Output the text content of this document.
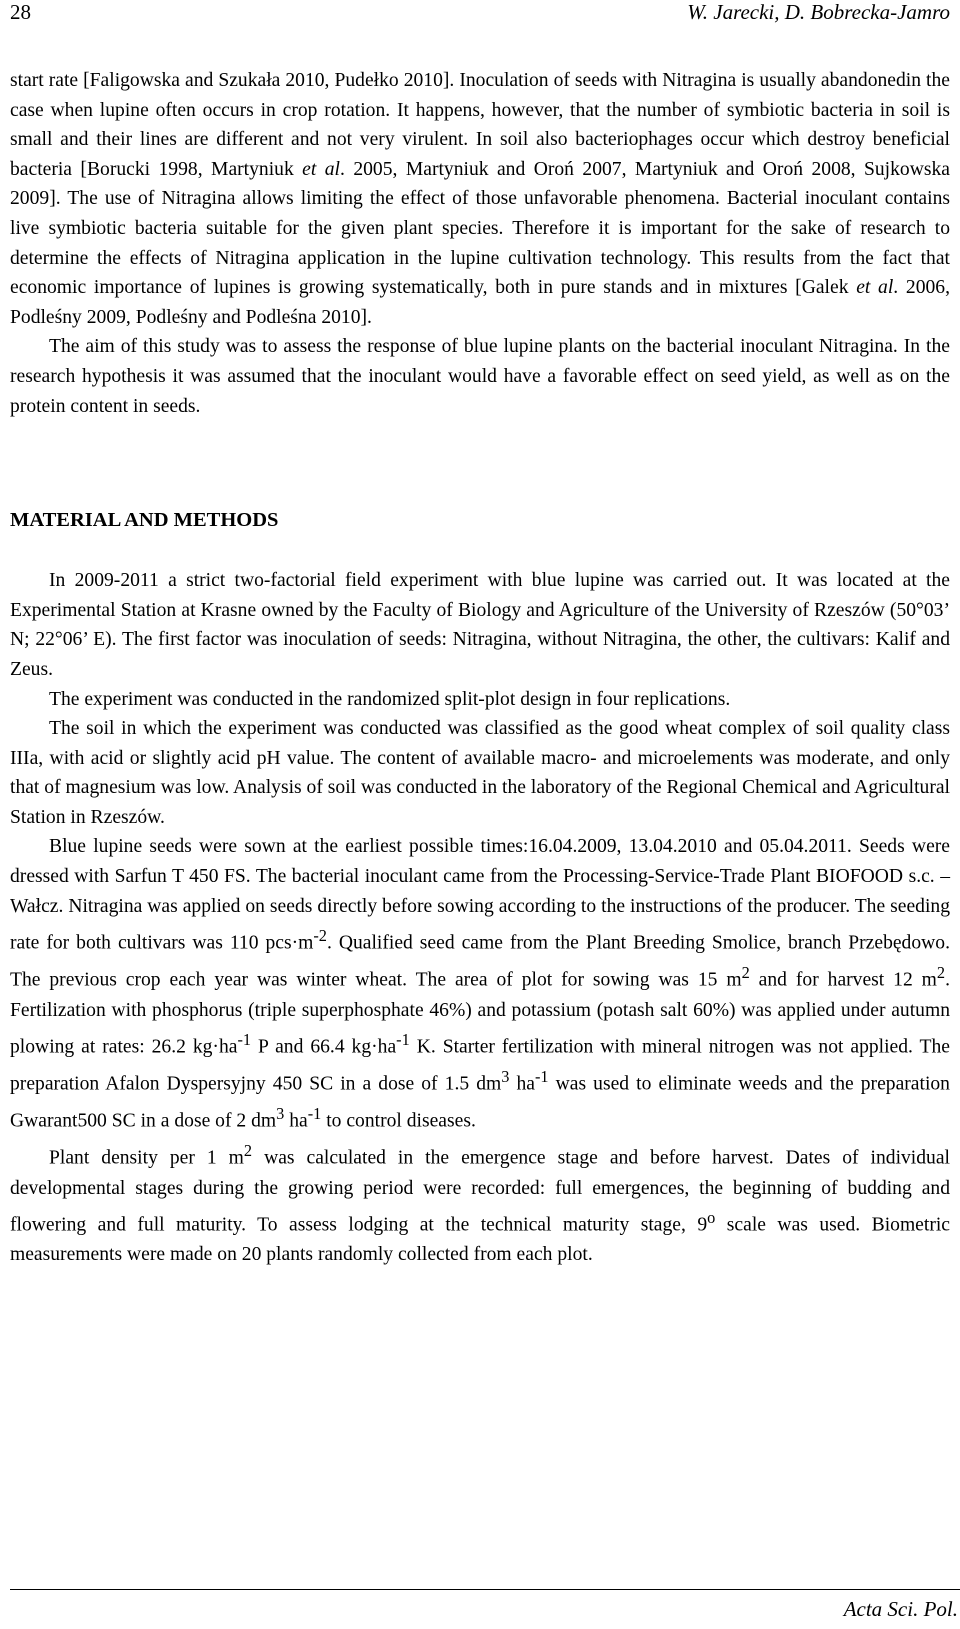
28	W. Jarecki, D. Bobrecka-Jamro

start rate [Faligowska and Szukała 2010, Pudełko 2010]. Inoculation of seeds with Nitragina is usually abandonedin the case when lupine often occurs in crop rotation. It happens, however, that the number of symbiotic bacteria in soil is small and their lines are different and not very virulent. In soil also bacteriophages occur which destroy beneficial bacteria [Borucki 1998, Martyniuk et al. 2005, Martyniuk and Oroń 2007, Martyniuk and Oroń 2008, Sujkowska 2009]. The use of Nitragina allows limiting the effect of those unfavorable phenomena. Bacterial inoculant contains live symbiotic bacteria suitable for the given plant species. Therefore it is important for the sake of research to determine the effects of Nitragina application in the lupine cultivation technology. This results from the fact that economic importance of lupines is growing systematically, both in pure stands and in mixtures [Galek et al. 2006, Podleśny 2009, Podleśny and Podleśna 2010].

The aim of this study was to assess the response of blue lupine plants on the bacterial inoculant Nitragina. In the research hypothesis it was assumed that the inoculant would have a favorable effect on seed yield, as well as on the protein content in seeds.

MATERIAL AND METHODS

In 2009-2011 a strict two-factorial field experiment with blue lupine was carried out. It was located at the Experimental Station at Krasne owned by the Faculty of Biology and Agriculture of the University of Rzeszów (50°03’ N; 22°06’ E). The first factor was inoculation of seeds: Nitragina, without Nitragina, the other, the cultivars: Kalif and Zeus.

The experiment was conducted in the randomized split-plot design in four replications.

The soil in which the experiment was conducted was classified as the good wheat complex of soil quality class IIIa, with acid or slightly acid pH value. The content of available macro- and microelements was moderate, and only that of magnesium was low. Analysis of soil was conducted in the laboratory of the Regional Chemical and Agricultural Station in Rzeszów.

Blue lupine seeds were sown at the earliest possible times:16.04.2009, 13.04.2010 and 05.04.2011. Seeds were dressed with Sarfun T 450 FS. The bacterial inoculant came from the Processing-Service-Trade Plant BIOFOOD s.c. – Wałcz. Nitragina was applied on seeds directly before sowing according to the instructions of the producer. The seeding rate for both cultivars was 110 $pcs\cdot m^{-2}$. Qualified seed came from the Plant Breeding Smolice, branch Przebędowo. The previous crop each year was winter wheat. The area of plot for sowing was 15 $m^2$ and for harvest 12 $m^2$. Fertilization with phosphorus (triple superphosphate 46%) and potassium (potash salt 60%) was applied under autumn plowing at rates: 26.2 $kg\cdot ha^{-1}$ P and 66.4 $kg\cdot ha^{-1}$ K. Starter fertilization with mineral nitrogen was not applied. The preparation Afalon Dyspersyjny 450 SC in a dose of 1.5 $dm^3$ $ha^{-1}$ was used to eliminate weeds and the preparation Gwarant500 SC in a dose of 2 $dm^3$ $ha^{-1}$ to control diseases.

Plant density per 1 $m^2$ was calculated in the emergence stage and before harvest. Dates of individual developmental stages during the growing period were recorded: full emergences, the beginning of budding and flowering and full maturity. To assess lodging at the technical maturity stage, 9$^o$ scale was used. Biometric measurements were made on 20 plants randomly collected from each plot.

Acta Sci. Pol.
